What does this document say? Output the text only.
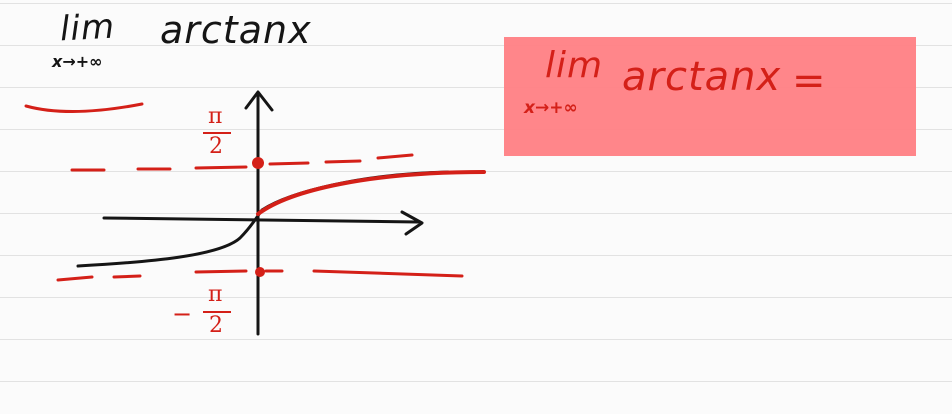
lim
x→+∞
arctanx
lim
x→+∞
arctanx =
π
2
−
π
2
